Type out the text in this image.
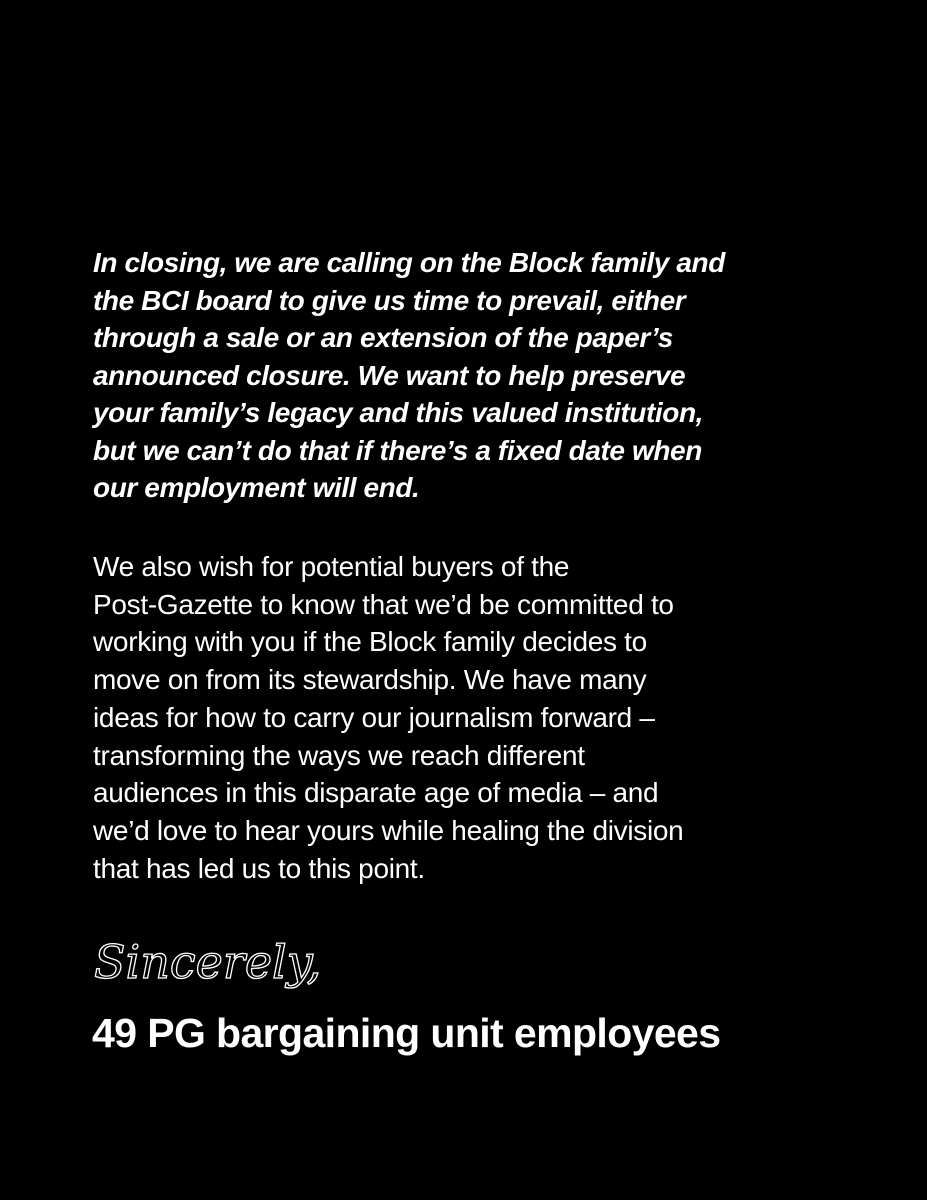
In closing, we are calling on the Block family and
the BCI board to give us time to prevail, either
through a sale or an extension of the paper’s
announced closure. We want to help preserve
your family’s legacy and this valued institution,
but we can’t do that if there’s a fixed date when
our employment will end.

We also wish for potential buyers of the
Post-Gazette to know that we’d be committed to
working with you if the Block family decides to
move on from its stewardship. We have many
ideas for how to carry our journalism forward –
transforming the ways we reach different
audiences in this disparate age of media – and
we’d love to hear yours while healing the division
that has led us to this point.

Sincerely,

49 PG bargaining unit employees
